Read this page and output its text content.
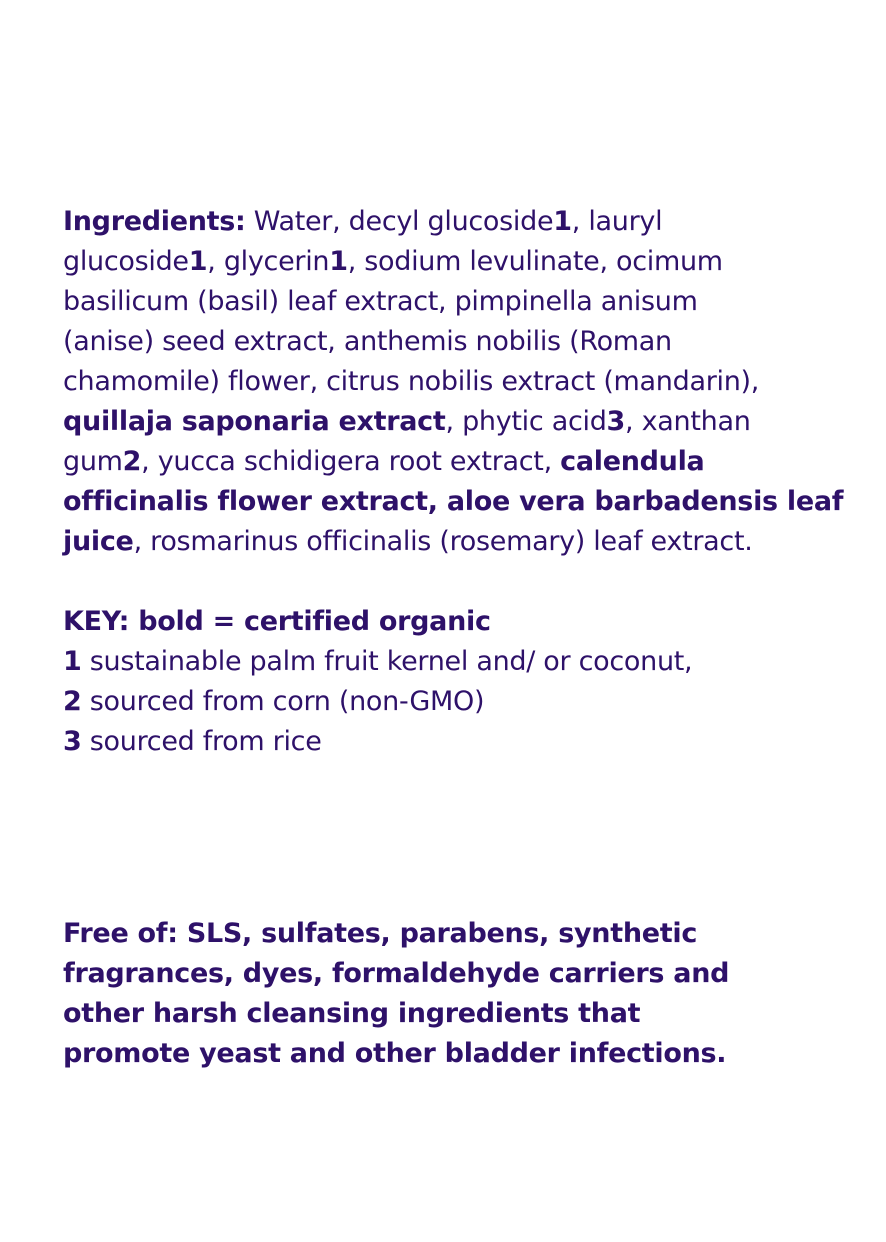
Ingredients: Water, decyl glucoside1, lauryl
glucoside1, glycerin1, sodium levulinate, ocimum
basilicum (basil) leaf extract, pimpinella anisum
(anise) seed extract, anthemis nobilis (Roman
chamomile) flower, citrus nobilis extract (mandarin),
quillaja saponaria extract, phytic acid3, xanthan
gum2, yucca schidigera root extract, calendula
officinalis flower extract, aloe vera barbadensis leaf
juice, rosmarinus officinalis (rosemary) leaf extract.
KEY: bold = certified organic
1 sustainable palm fruit kernel and/ or coconut,
2 sourced from corn (non-GMO)
3 sourced from rice
Free of: SLS, sulfates, parabens, synthetic
fragrances, dyes, formaldehyde carriers and
other harsh cleansing ingredients that
promote yeast and other bladder infections.
